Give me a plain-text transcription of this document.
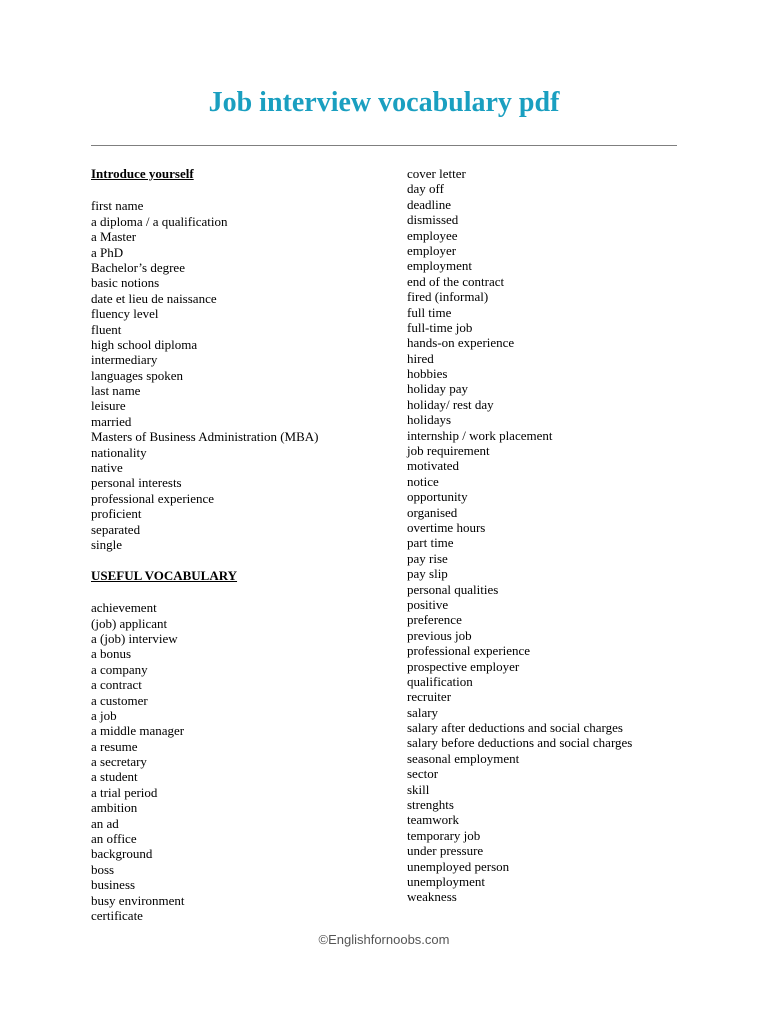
Job interview vocabulary pdf
Introduce yourself
first name
a diploma / a qualification
a Master
a PhD
Bachelor’s degree
basic notions
date et lieu de naissance
fluency level
fluent
high school diploma
intermediary
languages spoken
last name
leisure
married
Masters of Business Administration (MBA)
nationality
native
personal interests
professional experience
proficient
separated
single
USEFUL VOCABULARY
achievement
(job) applicant
a (job) interview
a bonus
a company
a contract
a customer
a job
a middle manager
a resume
a secretary
a student
a trial period
ambition
an ad
an office
background
boss
business
busy environment
certificate
cover letter
day off
deadline
dismissed
employee
employer
employment
end of the contract
fired (informal)
full time
full-time job
hands-on experience
hired
hobbies
holiday pay
holiday/ rest day
holidays
internship / work placement
job requirement
motivated
notice
opportunity
organised
overtime hours
part time
pay rise
pay slip
personal qualities
positive
preference
previous job
professional experience
prospective employer
qualification
recruiter
salary
salary after deductions and social charges
salary before deductions and social charges
seasonal employment
sector
skill
strenghts
teamwork
temporary job
under pressure
unemployed person
unemployment
weakness
©Englishfornoobs.com
